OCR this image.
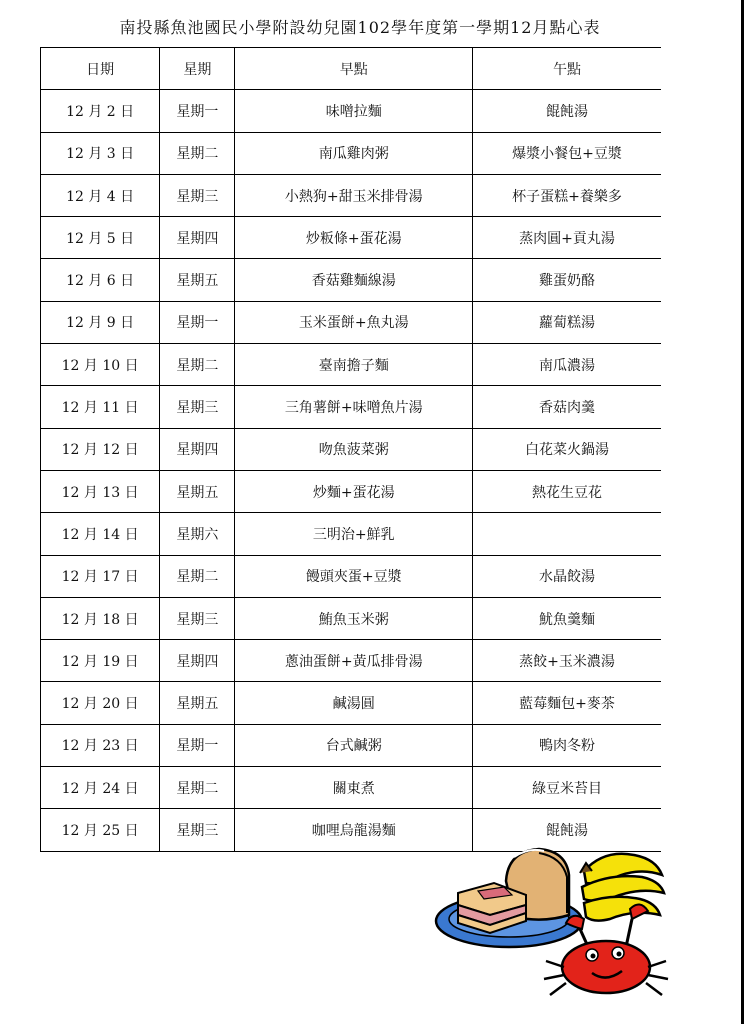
南投縣魚池國民小學附設幼兒園102學年度第一學期12月點心表
日期	星期	早點	午點
12 月 2 日	星期一	味噌拉麵	餛飩湯
12 月 3 日	星期二	南瓜雞肉粥	爆漿小餐包+豆漿
12 月 4 日	星期三	小熱狗+甜玉米排骨湯	杯子蛋糕+養樂多
12 月 5 日	星期四	炒粄條+蛋花湯	蒸肉圓+貢丸湯
12 月 6 日	星期五	香菇雞麵線湯	雞蛋奶酪
12 月 9 日	星期一	玉米蛋餅+魚丸湯	蘿蔔糕湯
12 月 10 日	星期二	臺南擔子麵	南瓜濃湯
12 月 11 日	星期三	三角薯餅+味噌魚片湯	香菇肉羹
12 月 12 日	星期四	吻魚菠菜粥	白花菜火鍋湯
12 月 13 日	星期五	炒麵+蛋花湯	熱花生豆花
12 月 14 日	星期六	三明治+鮮乳	
12 月 17 日	星期二	饅頭夾蛋+豆漿	水晶餃湯
12 月 18 日	星期三	鮪魚玉米粥	魷魚羹麵
12 月 19 日	星期四	蔥油蛋餅+黃瓜排骨湯	蒸餃+玉米濃湯
12 月 20 日	星期五	鹹湯圓	藍莓麵包+麥茶
12 月 23 日	星期一	台式鹹粥	鴨肉冬粉
12 月 24 日	星期二	關東煮	綠豆米苔目
12 月 25 日	星期三	咖哩烏龍湯麵	餛飩湯
